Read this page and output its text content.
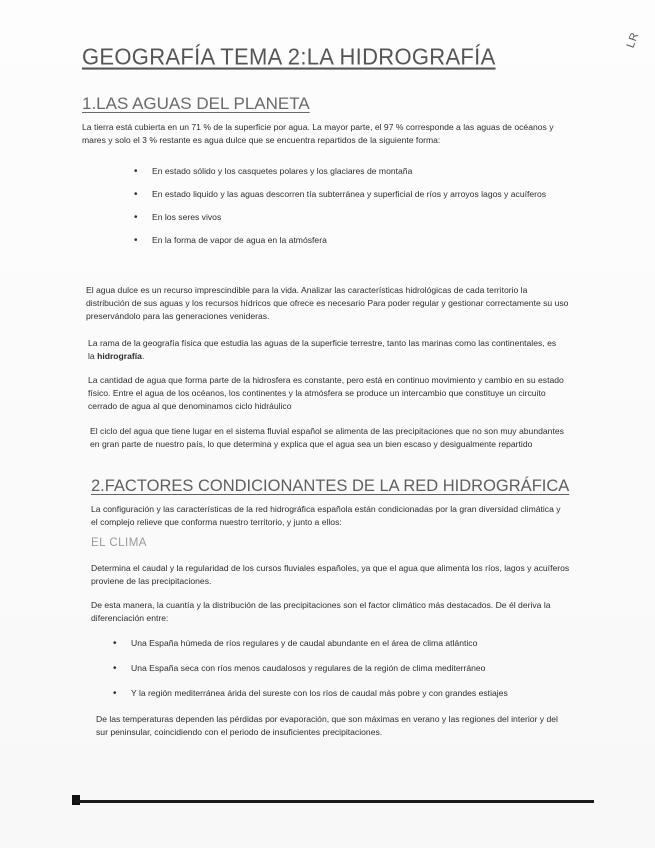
LR
GEOGRAFÍA TEMA 2:LA HIDROGRAFÍA
1.LAS AGUAS DEL PLANETA

La tierra está cubierta en un 71 % de la superficie por agua. La mayor parte, el 97 % corresponde a las aguas de océanos y mares y solo el 3 % restante es agua dulce que se encuentra repartidos de la siguiente forma:

• En estado sólido y los casquetes polares y los glaciares de montaña
• En estado liquido y las aguas descorren tía subterránea y superficial de ríos y arroyos lagos y acuíferos
• En los seres vivos
• En la forma de vapor de agua en la atmósfera

El agua dulce es un recurso imprescindible para la vida. Analizar las características hidrológicas de cada territorio la distribución de sus aguas y los recursos hídricos que ofrece es necesario Para poder regular y gestionar correctamente su uso preservándolo para las generaciones venideras.

La rama de la geografía física que estudia las aguas de la superficie terrestre, tanto las marinas como las continentales, es la hidrografía.

La cantidad de agua que forma parte de la hidrosfera es constante, pero está en continuo movimiento y cambio en su estado físico. Entre el agua de los océanos, los continentes y la atmósfera se produce un intercambio que constituye un circuito cerrado de agua al que denominamos ciclo hidráulico

El ciclo del agua que tiene lugar en el sistema fluvial español se alimenta de las precipitaciones que no son muy abundantes en gran parte de nuestro país, lo que determina y explica que el agua sea un bien escaso y desigualmente repartido

2.FACTORES CONDICIONANTES DE LA RED HIDROGRÁFICA

La configuración y las características de la red hidrográfica española están condicionadas por la gran diversidad climática y el complejo relieve que conforma nuestro territorio, y junto a ellos:

EL CLIMA

Determina el caudal y la regularidad de los cursos fluviales españoles, ya que el agua que alimenta los ríos, lagos y acuíferos proviene de las precipitaciones.

De esta manera, la cuantía y la distribución de las precipitaciones son el factor climático más destacados. De él deriva la diferenciación entre:

• Una España húmeda de ríos regulares y de caudal abundante en el área de clima atlántico
• Una España seca con ríos menos caudalosos y regulares de la región de clima mediterráneo
• Y la región mediterránea árida del sureste con los ríos de caudal más pobre y con grandes estiajes

De las temperaturas dependen las pérdidas por evaporación, que son máximas en verano y las regiones del interior y del sur peninsular, coincidiendo con el periodo de insuficientes precipitaciones.
